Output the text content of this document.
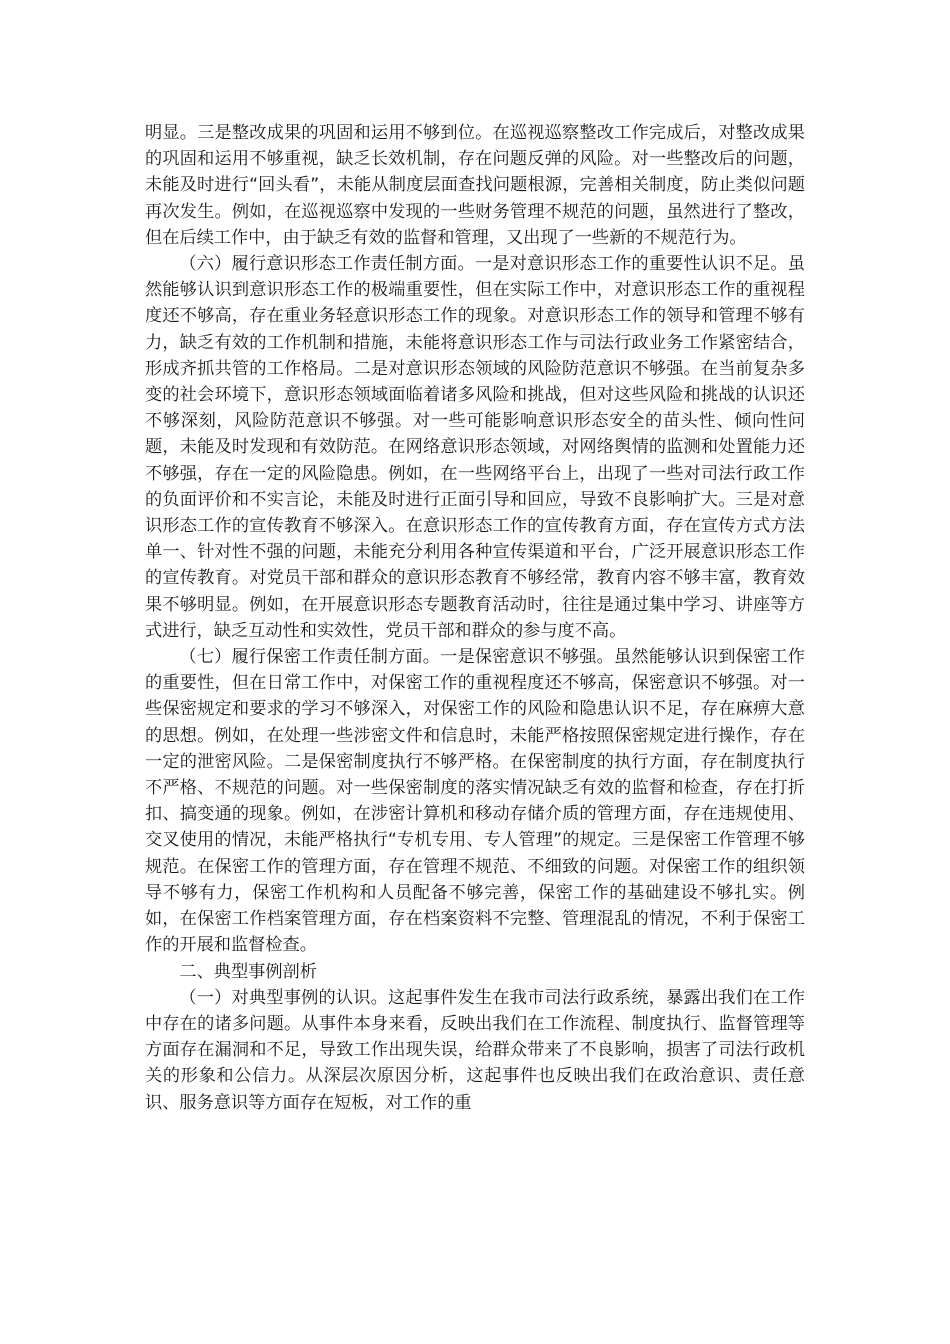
明显。三是整改成果的巩固和运用不够到位。在巡视巡察整改工作完成后，对整改成果的巩固和运用不够重视，缺乏长效机制，存在问题反弹的风险。对一些整改后的问题，未能及时进行“回头看”，未能从制度层面查找问题根源，完善相关制度，防止类似问题再次发生。例如，在巡视巡察中发现的一些财务管理不规范的问题，虽然进行了整改，但在后续工作中，由于缺乏有效的监督和管理，又出现了一些新的不规范行为。

（六）履行意识形态工作责任制方面。一是对意识形态工作的重要性认识不足。虽然能够认识到意识形态工作的极端重要性，但在实际工作中，对意识形态工作的重视程度还不够高，存在重业务轻意识形态工作的现象。对意识形态工作的领导和管理不够有力，缺乏有效的工作机制和措施，未能将意识形态工作与司法行政业务工作紧密结合，形成齐抓共管的工作格局。二是对意识形态领域的风险防范意识不够强。在当前复杂多变的社会环境下，意识形态领域面临着诸多风险和挑战，但对这些风险和挑战的认识还不够深刻，风险防范意识不够强。对一些可能影响意识形态安全的苗头性、倾向性问题，未能及时发现和有效防范。在网络意识形态领域，对网络舆情的监测和处置能力还不够强，存在一定的风险隐患。例如，在一些网络平台上，出现了一些对司法行政工作的负面评价和不实言论，未能及时进行正面引导和回应，导致不良影响扩大。三是对意识形态工作的宣传教育不够深入。在意识形态工作的宣传教育方面，存在宣传方式方法单一、针对性不强的问题，未能充分利用各种宣传渠道和平台，广泛开展意识形态工作的宣传教育。对党员干部和群众的意识形态教育不够经常，教育内容不够丰富，教育效果不够明显。例如，在开展意识形态专题教育活动时，往往是通过集中学习、讲座等方式进行，缺乏互动性和实效性，党员干部和群众的参与度不高。

（七）履行保密工作责任制方面。一是保密意识不够强。虽然能够认识到保密工作的重要性，但在日常工作中，对保密工作的重视程度还不够高，保密意识不够强。对一些保密规定和要求的学习不够深入，对保密工作的风险和隐患认识不足，存在麻痹大意的思想。例如，在处理一些涉密文件和信息时，未能严格按照保密规定进行操作，存在一定的泄密风险。二是保密制度执行不够严格。在保密制度的执行方面，存在制度执行不严格、不规范的问题。对一些保密制度的落实情况缺乏有效的监督和检查，存在打折扣、搞变通的现象。例如，在涉密计算机和移动存储介质的管理方面，存在违规使用、交叉使用的情况，未能严格执行“专机专用、专人管理”的规定。三是保密工作管理不够规范。在保密工作的管理方面，存在管理不规范、不细致的问题。对保密工作的组织领导不够有力，保密工作机构和人员配备不够完善，保密工作的基础建设不够扎实。例如，在保密工作档案管理方面，存在档案资料不完整、管理混乱的情况，不利于保密工作的开展和监督检查。

二、典型事例剖析

（一）对典型事例的认识。这起事件发生在我市司法行政系统，暴露出我们在工作中存在的诸多问题。从事件本身来看，反映出我们在工作流程、制度执行、监督管理等方面存在漏洞和不足，导致工作出现失误，给群众带来了不良影响，损害了司法行政机关的形象和公信力。从深层次原因分析，这起事件也反映出我们在政治意识、责任意识、服务意识等方面存在短板，对工作的重
